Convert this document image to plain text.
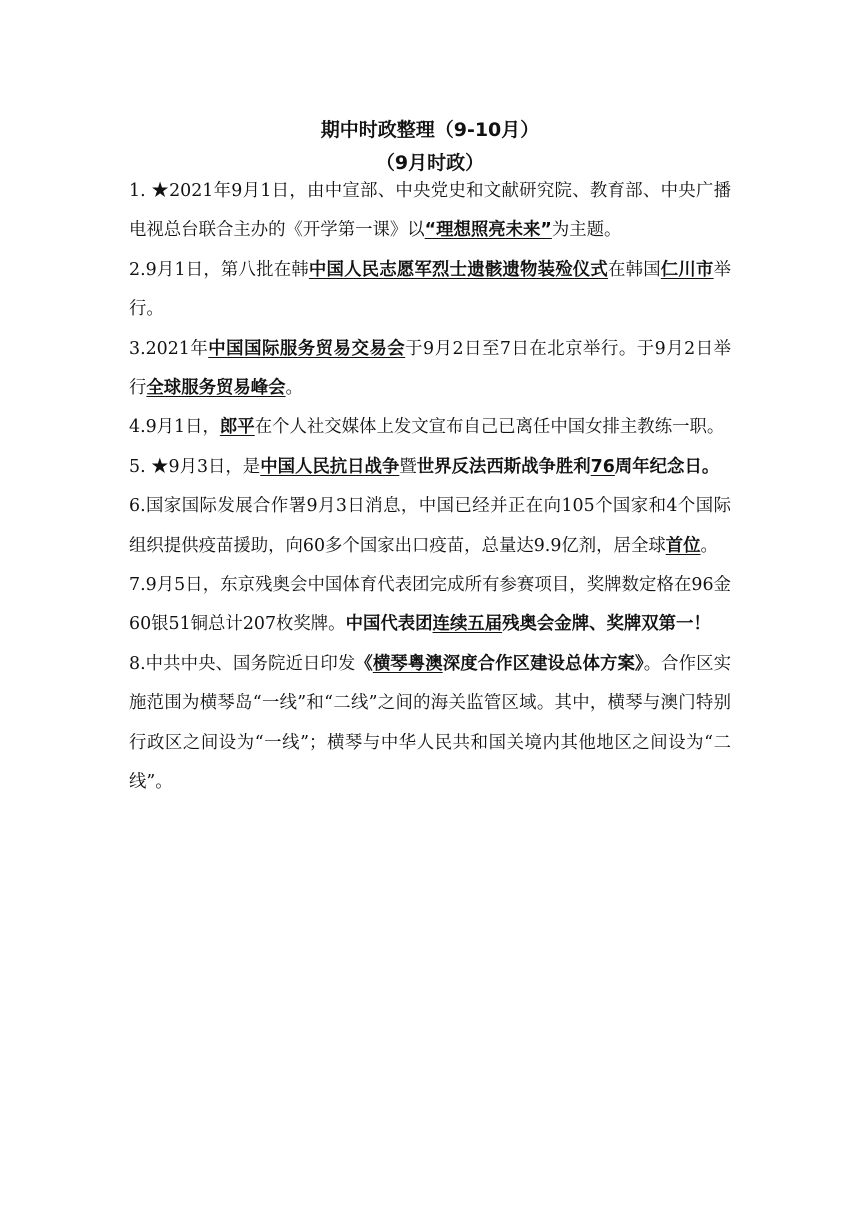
期中时政整理（9-10月）
（9月时政）

1. ★2021年9月1日，由中宣部、中央党史和文献研究院、教育部、中央广播电视总台联合主办的《开学第一课》以“理想照亮未来”为主题。

2.9月1日，第八批在韩中国人民志愿军烈士遗骸遗物装殓仪式在韩国仁川市举行。

3.2021年中国国际服务贸易交易会于9月2日至7日在北京举行。于9月2日举行全球服务贸易峰会。

4.9月1日，郎平在个人社交媒体上发文宣布自己已离任中国女排主教练一职。

5. ★9月3日，是中国人民抗日战争暨世界反法西斯战争胜利76周年纪念日。

6.国家国际发展合作署9月3日消息，中国已经并正在向105个国家和4个国际组织提供疫苗援助，向60多个国家出口疫苗，总量达9.9亿剂，居全球首位。

7.9月5日，东京残奥会中国体育代表团完成所有参赛项目，奖牌数定格在96金60银51铜总计207枚奖牌。中国代表团连续五届残奥会金牌、奖牌双第一！

8.中共中央、国务院近日印发《横琴粤澳深度合作区建设总体方案》。合作区实施范围为横琴岛“一线”和“二线”之间的海关监管区域。其中，横琴与澳门特别行政区之间设为“一线”；横琴与中华人民共和国关境内其他地区之间设为“二线”。
